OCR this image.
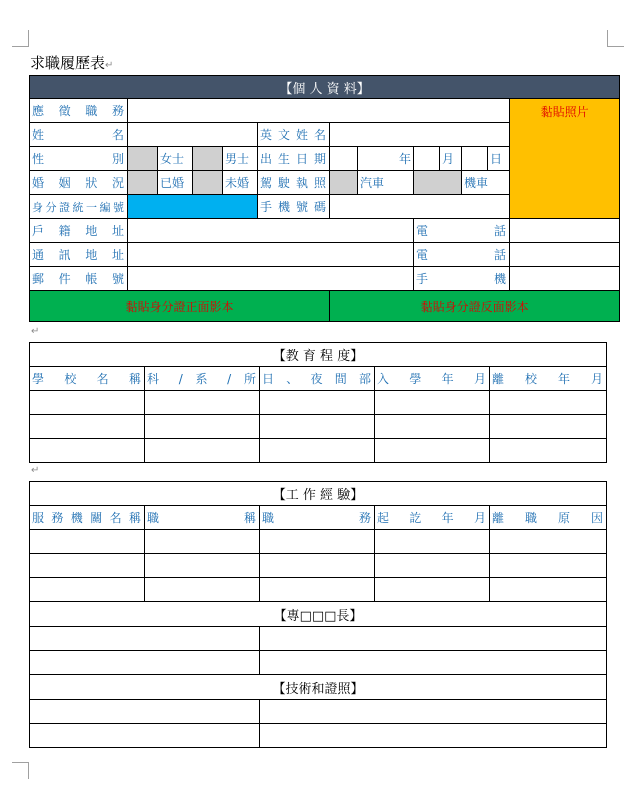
求職履歷表↵
【個 人 資 料】												
應 徵 職 務												黏貼照片
姓 名					英 文 姓 名							
性 別		女士		男士	出 生 日 期		年		月		日	
婚 姻 狀 況		已婚		未婚	駕 駛 執 照		汽車			機車		
身分證統一編號					手 機 號 碼							
戶 籍 地 址								電 話				
通 訊 地 址								電 話				
郵 件 帳 號								手 機				
黏貼身分證正面影本						黏貼身分證反面影本						
【教 育 程 度】				
學 校 名 稱	科 / 系 / 所	日 、 夜 間 部	入 學 年 月	離 校 年 月

【工 作 經 驗】				
服 務 機 關 名 稱	職 稱	職 務	起 訖 年 月	離 職 原 因

【專□□□長】				

【技術和證照】				

↵
↵
